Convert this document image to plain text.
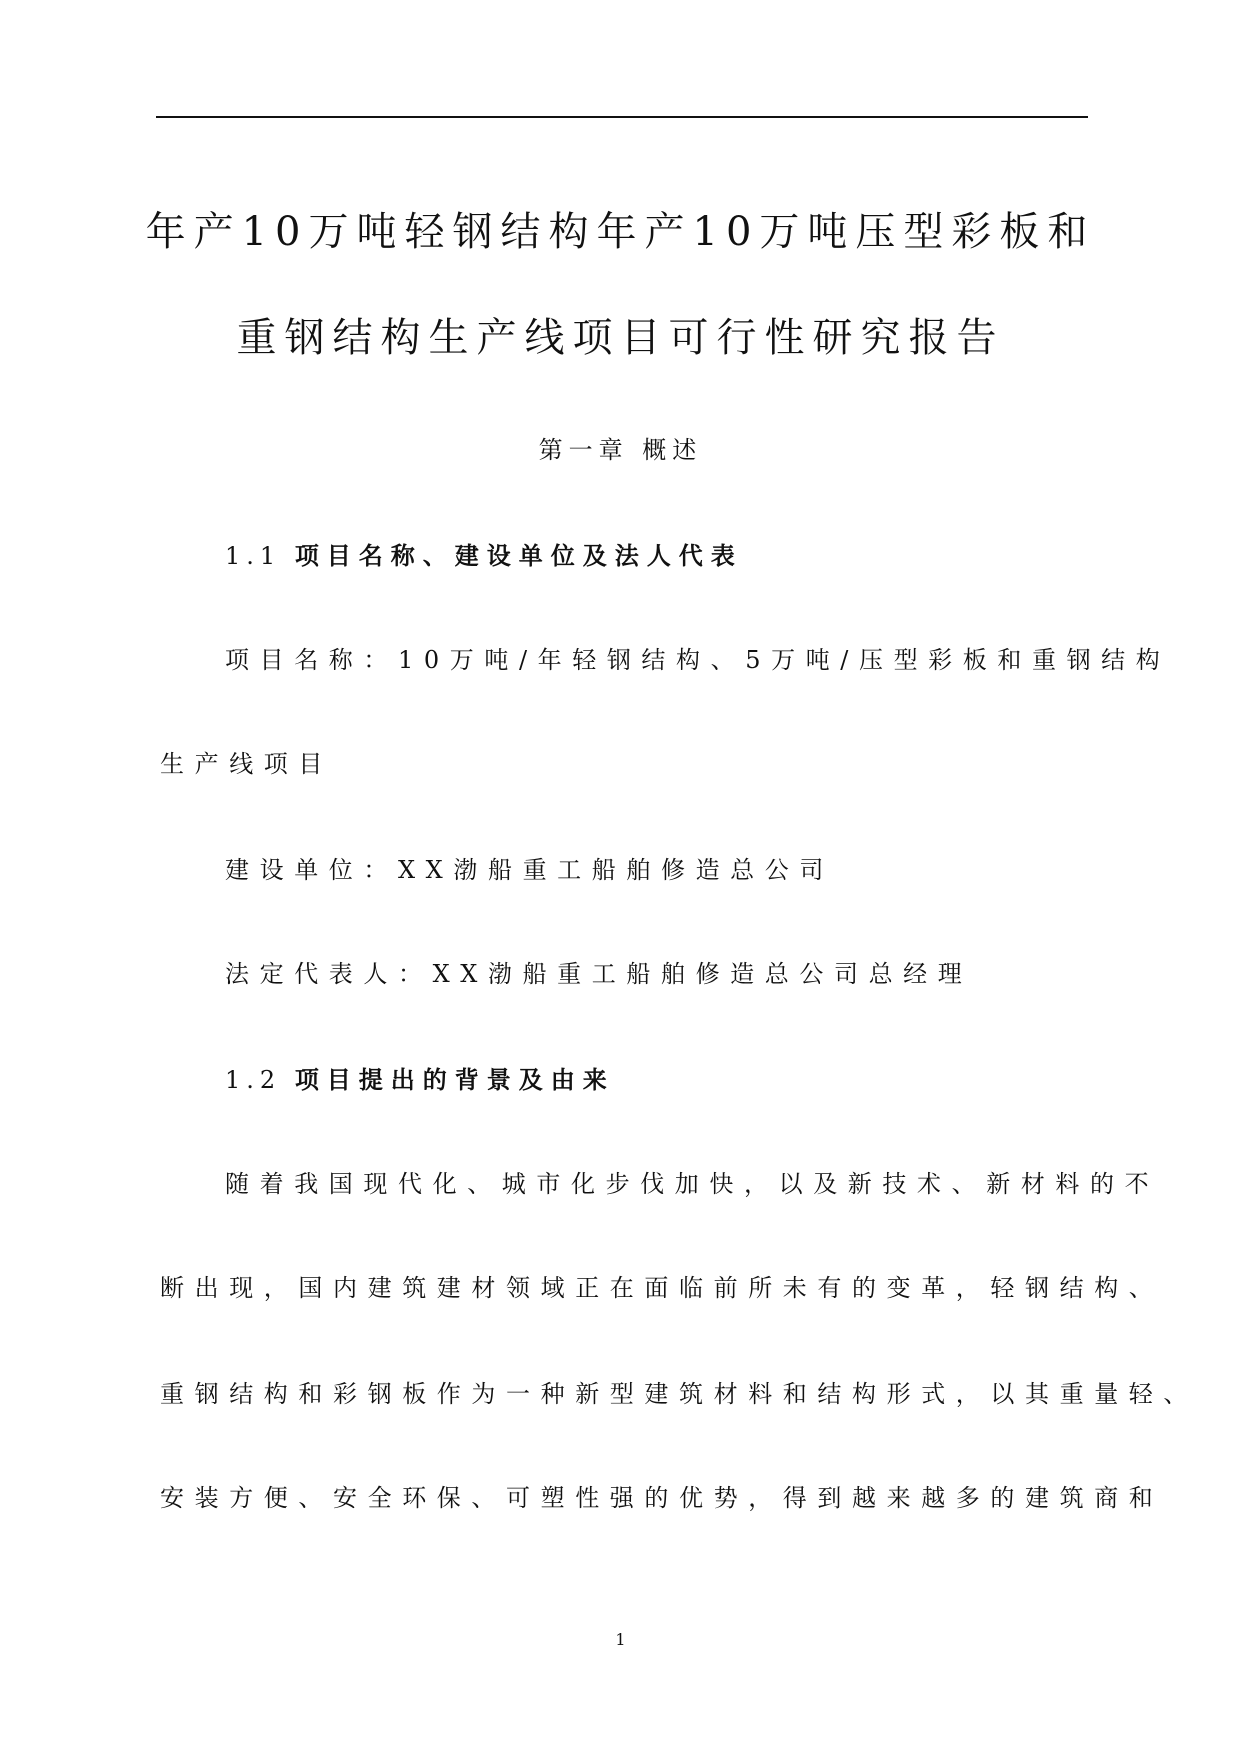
年产10万吨轻钢结构年产10万吨压型彩板和
重钢结构生产线项目可行性研究报告
第一章 概述
1.1 项目名称、建设单位及法人代表
项目名称：10万吨/年轻钢结构、5万吨/压型彩板和重钢结构
生产线项目
建设单位：XX渤船重工船舶修造总公司
法定代表人：XX渤船重工船舶修造总公司总经理
1.2 项目提出的背景及由来
随着我国现代化、城市化步伐加快，以及新技术、新材料的不
断出现，国内建筑建材领域正在面临前所未有的变革，轻钢结构、
重钢结构和彩钢板作为一种新型建筑材料和结构形式，以其重量轻、
安装方便、安全环保、可塑性强的优势，得到越来越多的建筑商和
1
